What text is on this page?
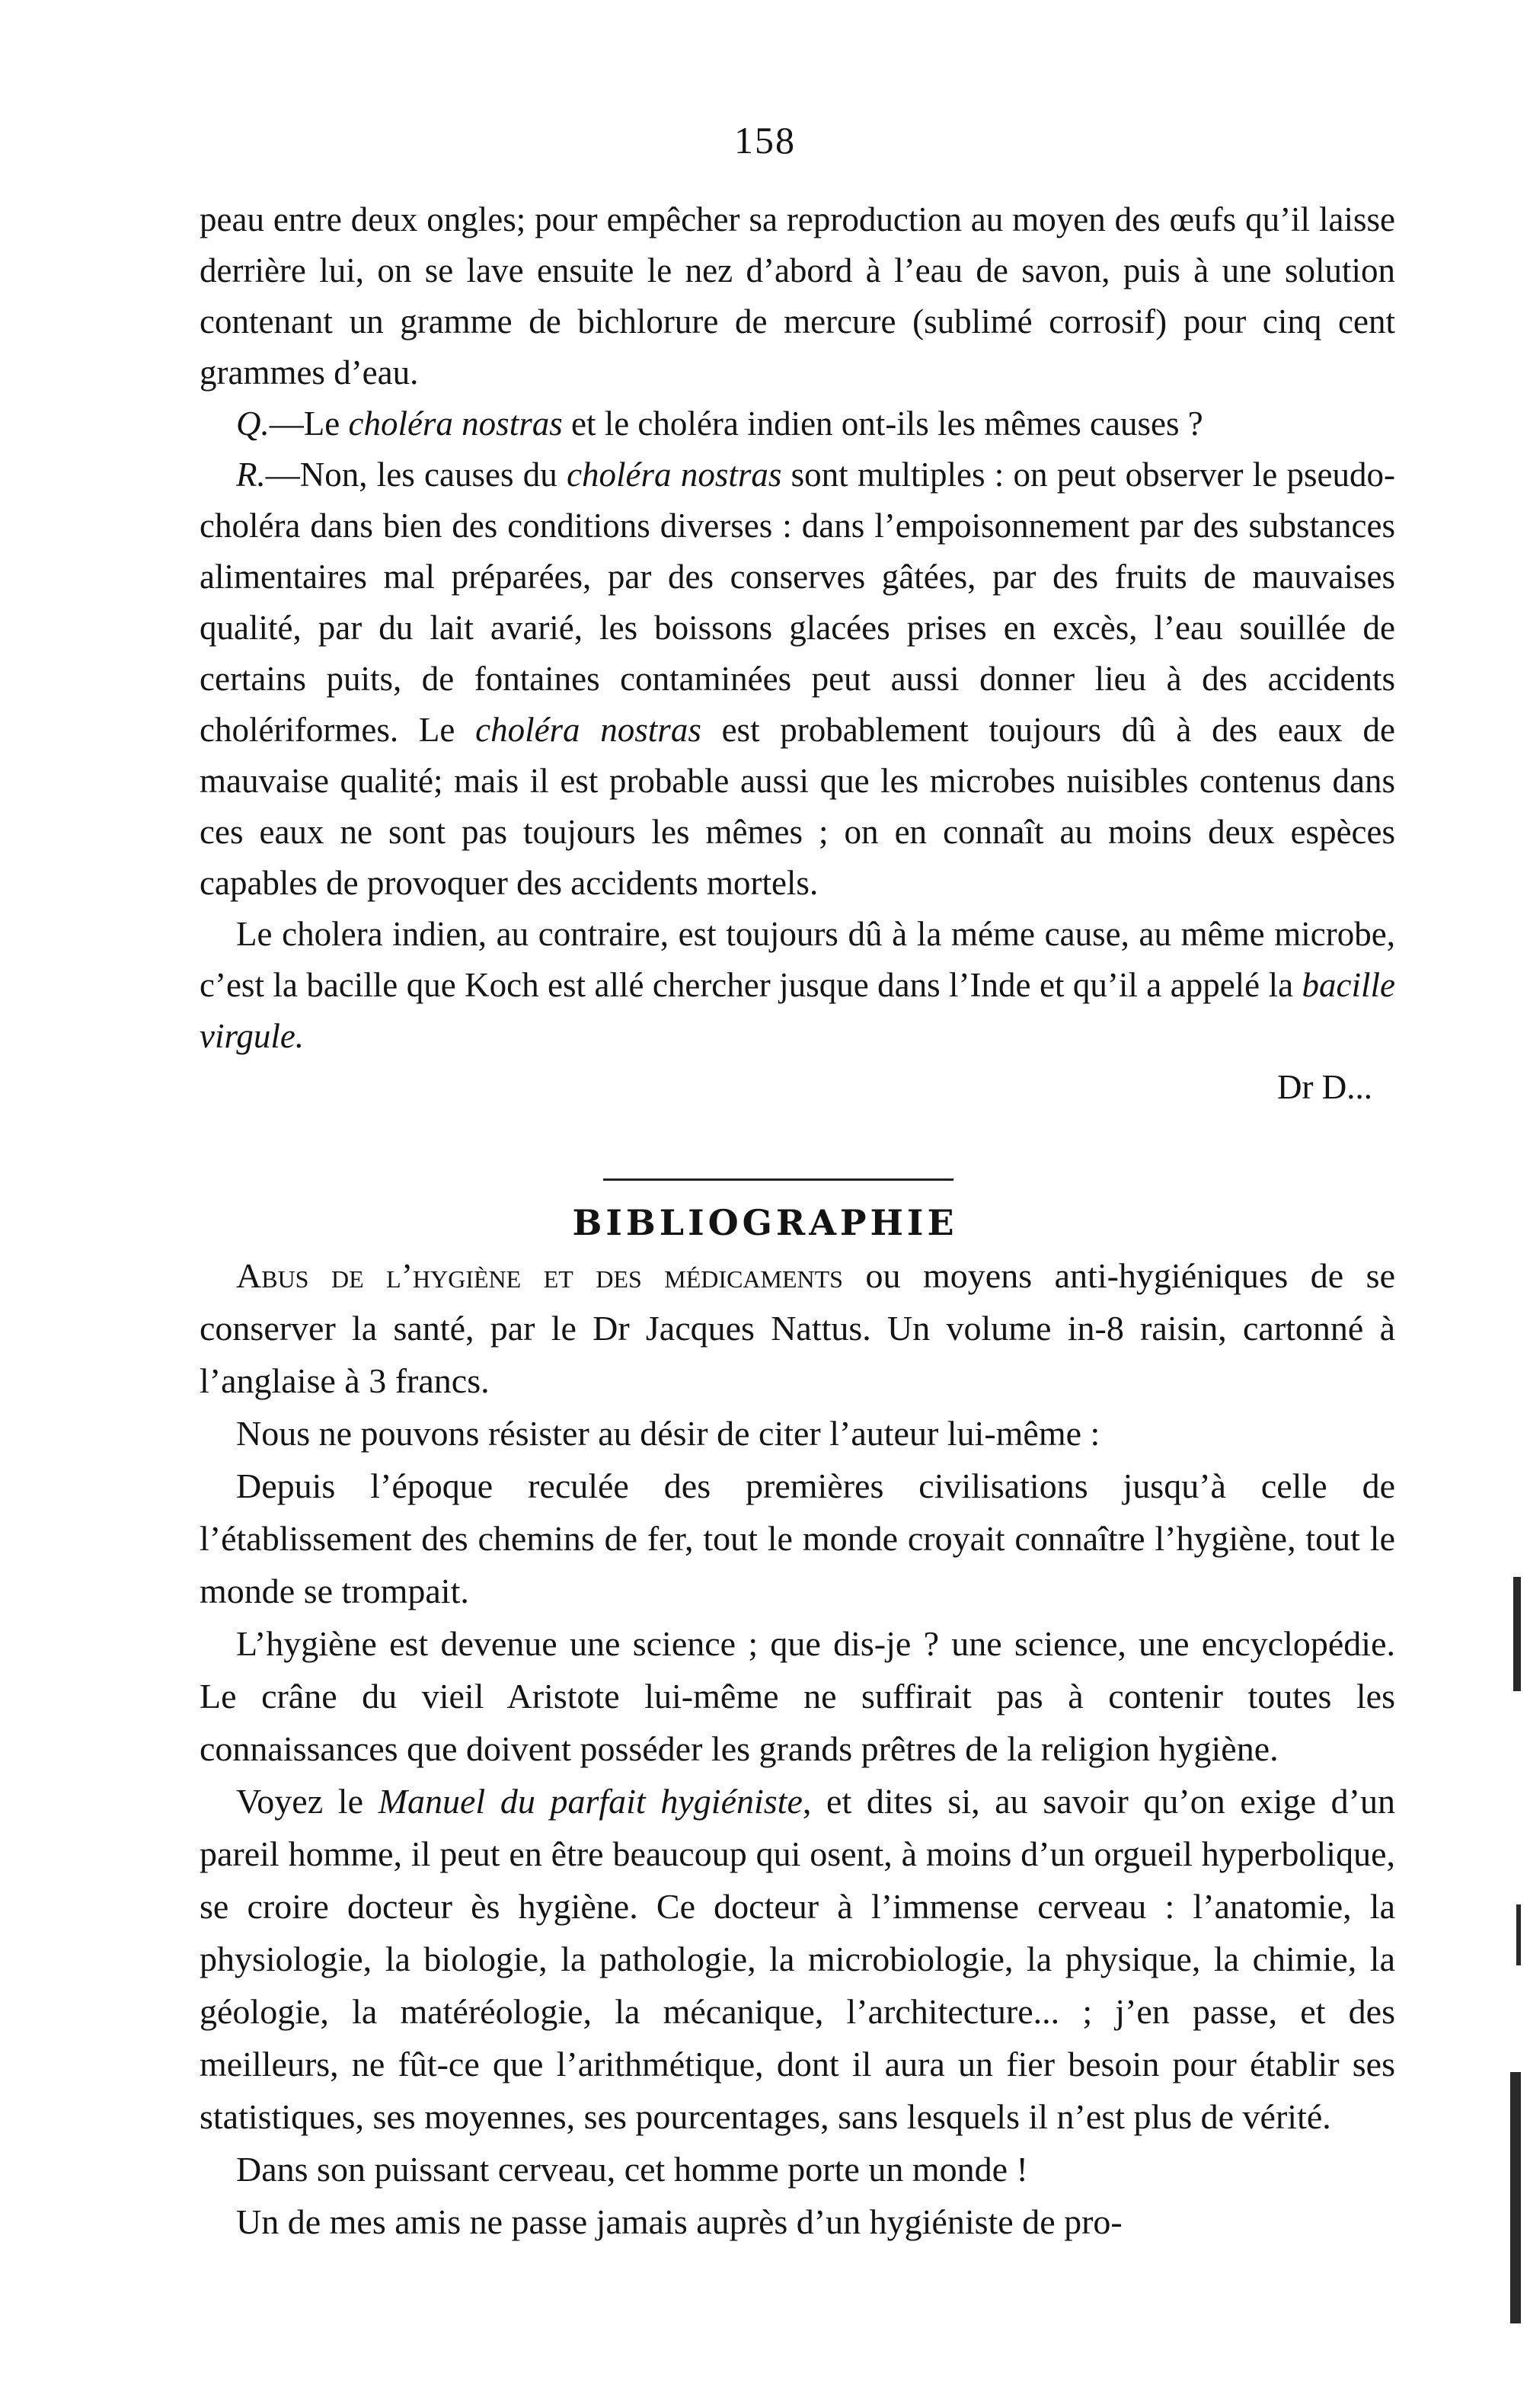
158

peau entre deux ongles; pour empêcher sa reproduction au moyen des œufs qu’il laisse derrière lui, on se lave ensuite le nez d’abord à l’eau de savon, puis à une solution contenant un gramme de bichlorure de mercure (sublimé corrosif) pour cinq cent grammes d’eau.

Q.—Le choléra nostras et le choléra indien ont-ils les mêmes causes ?

R.—Non, les causes du choléra nostras sont multiples : on peut observer le pseudo-choléra dans bien des conditions diverses : dans l’empoisonnement par des substances alimentaires mal préparées, par des conserves gâtées, par des fruits de mauvaises qualité, par du lait avarié, les boissons glacées prises en excès, l’eau souillée de certains puits, de fontaines contaminées peut aussi donner lieu à des accidents cholériformes. Le choléra nostras est probablement toujours dû à des eaux de mauvaise qualité; mais il est probable aussi que les microbes nuisibles contenus dans ces eaux ne sont pas toujours les mêmes ; on en connaît au moins deux espèces capables de provoquer des accidents mortels.

Le cholera indien, au contraire, est toujours dû à la méme cause, au même microbe, c’est la bacille que Koch est allé chercher jusque dans l’Inde et qu’il a appelé la bacille virgule.

Dr D...

BIBLIOGRAPHIE

Abus de l’hygiène et des médicaments ou moyens anti-hygiéniques de se conserver la santé, par le Dr Jacques Nattus. Un volume in-8 raisin, cartonné à l’anglaise à 3 francs.

Nous ne pouvons résister au désir de citer l’auteur lui-même :

Depuis l’époque reculée des premières civilisations jusqu’à celle de l’établissement des chemins de fer, tout le monde croyait connaître l’hygiène, tout le monde se trompait.

L’hygiène est devenue une science ; que dis-je ? une science, une encyclopédie. Le crâne du vieil Aristote lui-même ne suffirait pas à contenir toutes les connaissances que doivent posséder les grands prêtres de la religion hygiène.

Voyez le Manuel du parfait hygiéniste, et dites si, au savoir qu’on exige d’un pareil homme, il peut en être beaucoup qui osent, à moins d’un orgueil hyperbolique, se croire docteur ès hygiène. Ce docteur à l’immense cerveau : l’anatomie, la physiologie, la biologie, la pathologie, la microbiologie, la physique, la chimie, la géologie, la matéréologie, la mécanique, l’architecture... ; j’en passe, et des meilleurs, ne fût-ce que l’arithmétique, dont il aura un fier besoin pour établir ses statistiques, ses moyennes, ses pourcentages, sans lesquels il n’est plus de vérité.

Dans son puissant cerveau, cet homme porte un monde !

Un de mes amis ne passe jamais auprès d’un hygiéniste de pro-
